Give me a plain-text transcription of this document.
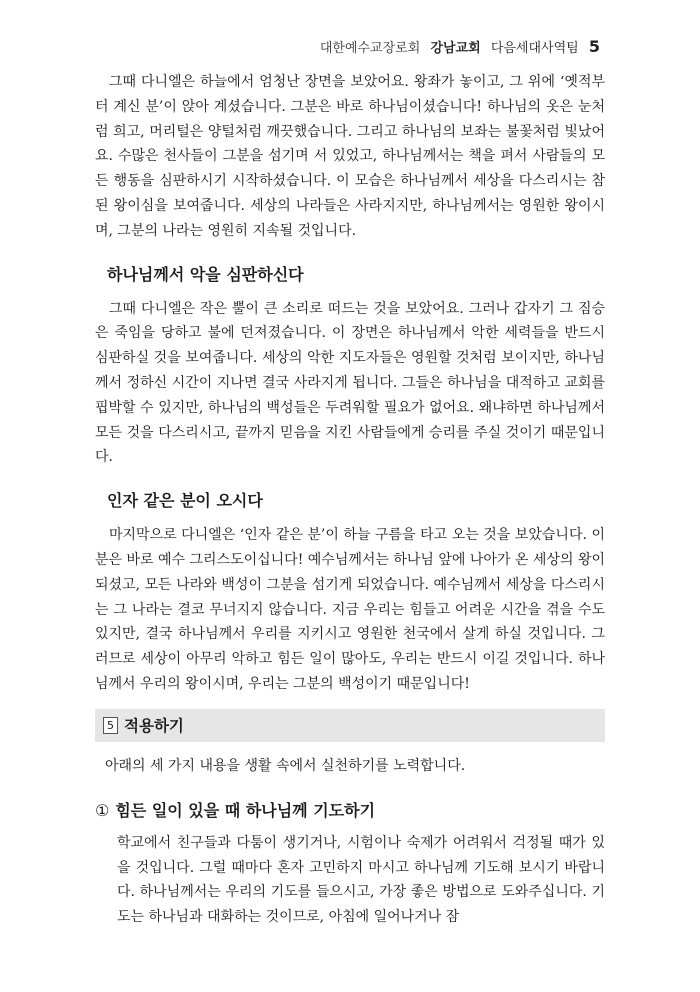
대한예수교장로회 강남교회 다음세대사역팀 5

그때 다니엘은 하늘에서 엄청난 장면을 보았어요. 왕좌가 놓이고, 그 위에 ‘옛적부터 계신 분’이 앉아 계셨습니다. 그분은 바로 하나님이셨습니다! 하나님의 옷은 눈처럼 희고, 머리털은 양털처럼 깨끗했습니다. 그리고 하나님의 보좌는 불꽃처럼 빛났어요. 수많은 천사들이 그분을 섬기며 서 있었고, 하나님께서는 책을 펴서 사람들의 모든 행동을 심판하시기 시작하셨습니다. 이 모습은 하나님께서 세상을 다스리시는 참된 왕이심을 보여줍니다. 세상의 나라들은 사라지지만, 하나님께서는 영원한 왕이시며, 그분의 나라는 영원히 지속될 것입니다.

하나님께서 악을 심판하신다

그때 다니엘은 작은 뿔이 큰 소리로 떠드는 것을 보았어요. 그러나 갑자기 그 짐승은 죽임을 당하고 불에 던져졌습니다. 이 장면은 하나님께서 악한 세력들을 반드시 심판하실 것을 보여줍니다. 세상의 악한 지도자들은 영원할 것처럼 보이지만, 하나님께서 정하신 시간이 지나면 결국 사라지게 됩니다. 그들은 하나님을 대적하고 교회를 핍박할 수 있지만, 하나님의 백성들은 두려워할 필요가 없어요. 왜냐하면 하나님께서 모든 것을 다스리시고, 끝까지 믿음을 지킨 사람들에게 승리를 주실 것이기 때문입니다.

인자 같은 분이 오시다

마지막으로 다니엘은 ‘인자 같은 분’이 하늘 구름을 타고 오는 것을 보았습니다. 이분은 바로 예수 그리스도이십니다! 예수님께서는 하나님 앞에 나아가 온 세상의 왕이 되셨고, 모든 나라와 백성이 그분을 섬기게 되었습니다. 예수님께서 세상을 다스리시는 그 나라는 결코 무너지지 않습니다. 지금 우리는 힘들고 어려운 시간을 겪을 수도 있지만, 결국 하나님께서 우리를 지키시고 영원한 천국에서 살게 하실 것입니다. 그러므로 세상이 아무리 악하고 힘든 일이 많아도, 우리는 반드시 이길 것입니다. 하나님께서 우리의 왕이시며, 우리는 그분의 백성이기 때문입니다!

5 적용하기
아래의 세 가지 내용을 생활 속에서 실천하기를 노력합니다.
① 힘든 일이 있을 때 하나님께 기도하기

학교에서 친구들과 다툼이 생기거나, 시험이나 숙제가 어려워서 걱정될 때가 있을 것입니다. 그럴 때마다 혼자 고민하지 마시고 하나님께 기도해 보시기 바랍니다. 하나님께서는 우리의 기도를 들으시고, 가장 좋은 방법으로 도와주십니다. 기도는 하나님과 대화하는 것이므로, 아침에 일어나거나 잠
